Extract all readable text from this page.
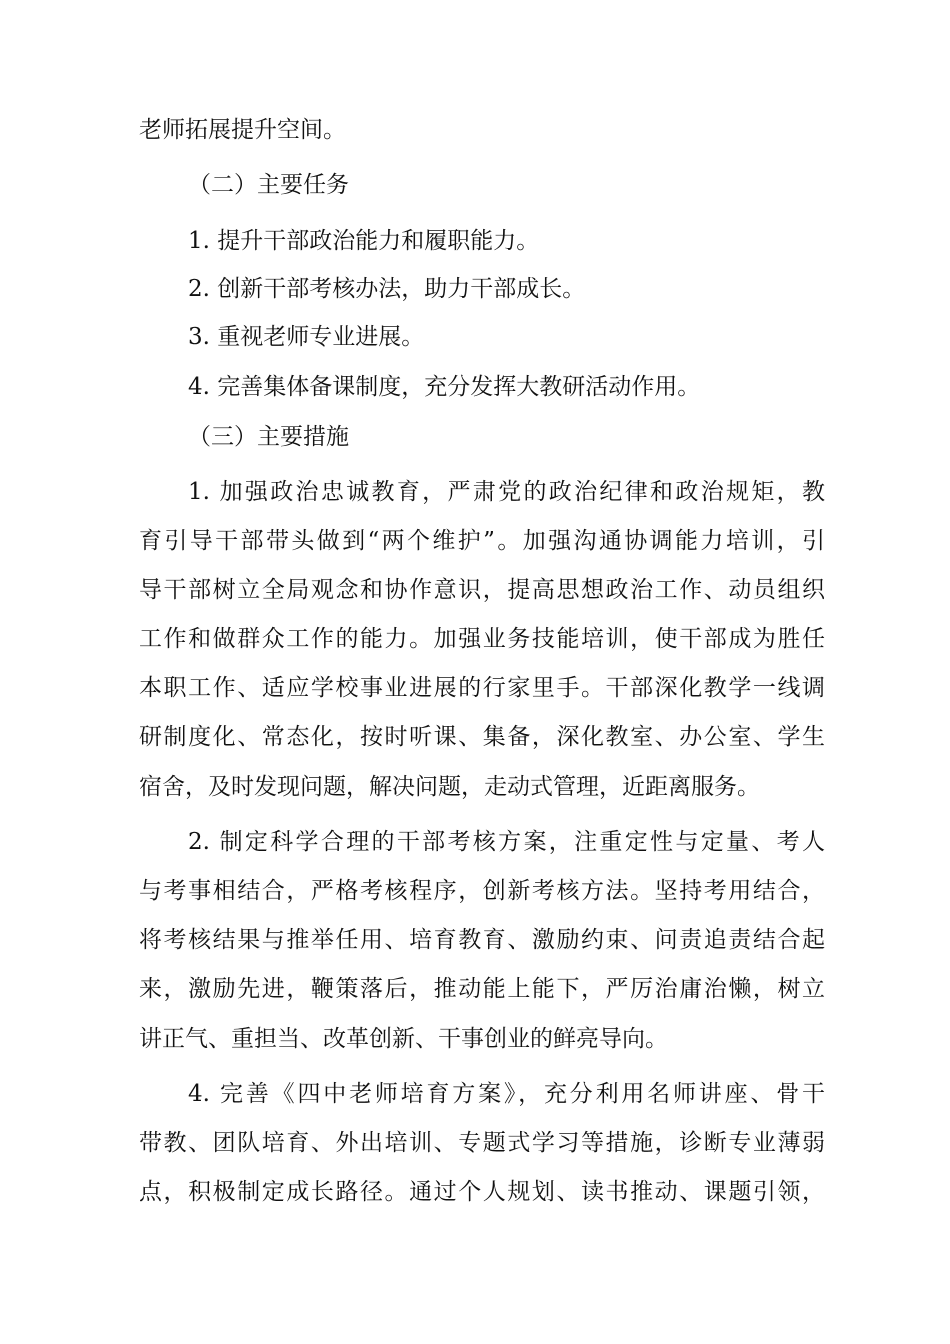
老师拓展提升空间。
（二）主要任务
1. 提升干部政治能力和履职能力。
2. 创新干部考核办法，助力干部成长。
3. 重视老师专业进展。
4. 完善集体备课制度，充分发挥大教研活动作用。
（三）主要措施
1. 加强政治忠诚教育，严肃党的政治纪律和政治规矩，教
育引导干部带头做到“两个维护”。加强沟通协调能力培训，引
导干部树立全局观念和协作意识，提高思想政治工作、动员组织
工作和做群众工作的能力。加强业务技能培训，使干部成为胜任
本职工作、适应学校事业进展的行家里手。干部深化教学一线调
研制度化、常态化，按时听课、集备，深化教室、办公室、学生
宿舍，及时发现问题，解决问题，走动式管理，近距离服务。
2. 制定科学合理的干部考核方案，注重定性与定量、考人
与考事相结合，严格考核程序，创新考核方法。坚持考用结合，
将考核结果与推举任用、培育教育、激励约束、问责追责结合起
来，激励先进，鞭策落后，推动能上能下，严厉治庸治懒，树立
讲正气、重担当、改革创新、干事创业的鲜亮导向。
4. 完善《四中老师培育方案》，充分利用名师讲座、骨干
带教、团队培育、外出培训、专题式学习等措施，诊断专业薄弱
点，积极制定成长路径。通过个人规划、读书推动、课题引领，
